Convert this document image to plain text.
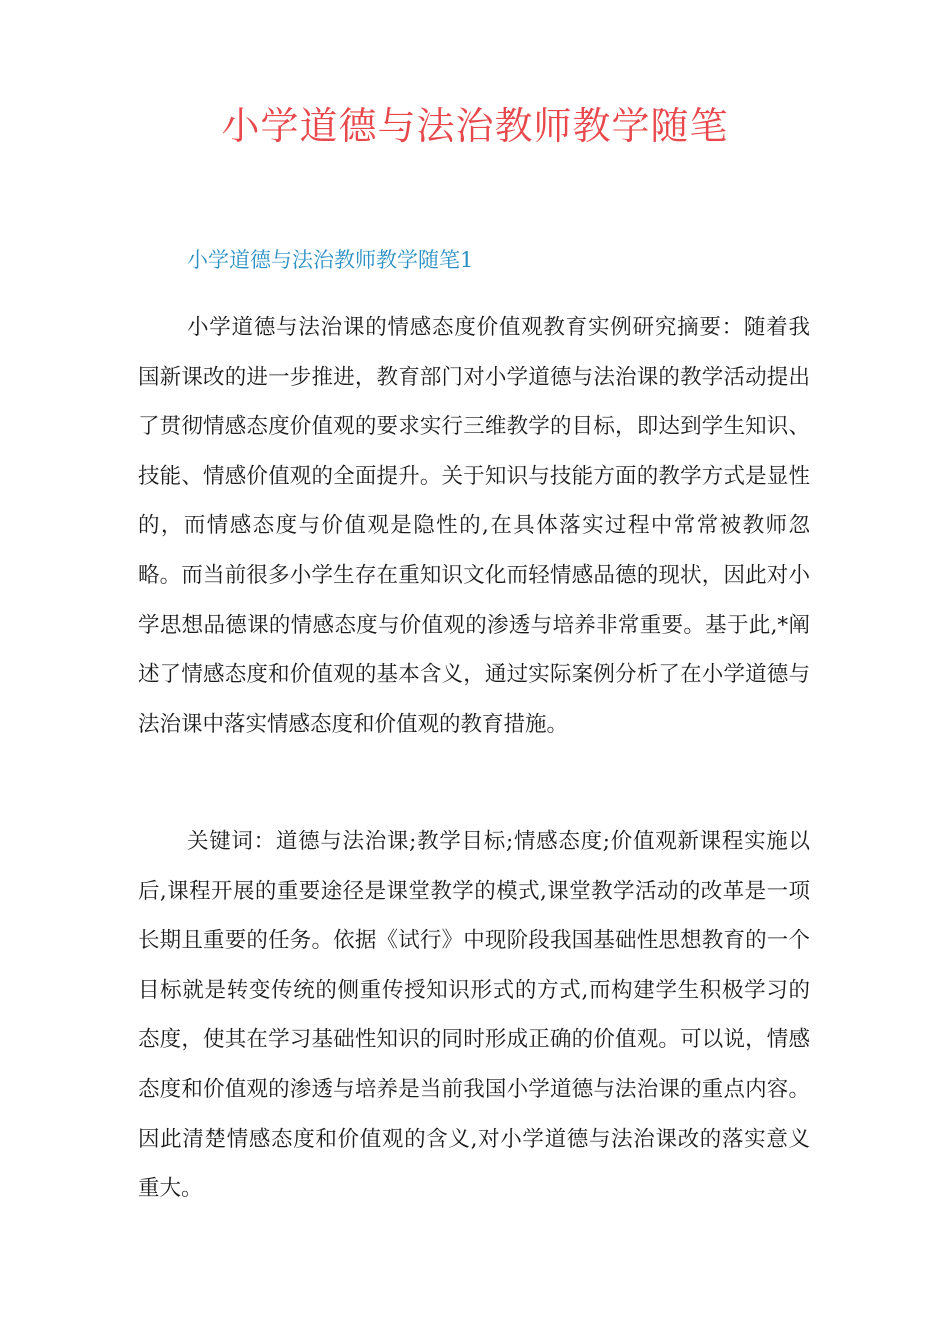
小学道德与法治教师教学随笔
小学道德与法治教师教学随笔1

小学道德与法治课的情感态度价值观教育实例研究摘要：随着我国新课改的进一步推进，教育部门对小学道德与法治课的教学活动提出了贯彻情感态度价值观的要求实行三维教学的目标，即达到学生知识、技能、情感价值观的全面提升。关于知识与技能方面的教学方式是显性的，而情感态度与价值观是隐性的,在具体落实过程中常常被教师忽略。而当前很多小学生存在重知识文化而轻情感品德的现状，因此对小学思想品德课的情感态度与价值观的渗透与培养非常重要。基于此,*阐述了情感态度和价值观的基本含义，通过实际案例分析了在小学道德与法治课中落实情感态度和价值观的教育措施。

关键词：道德与法治课;教学目标;情感态度;价值观新课程实施以后,课程开展的重要途径是课堂教学的模式,课堂教学活动的改革是一项长期且重要的任务。依据《试行》中现阶段我国基础性思想教育的一个目标就是转变传统的侧重传授知识形式的方式,而构建学生积极学习的态度，使其在学习基础性知识的同时形成正确的价值观。可以说，情感态度和价值观的渗透与培养是当前我国小学道德与法治课的重点内容。因此清楚情感态度和价值观的含义,对小学道德与法治课改的落实意义重大。
